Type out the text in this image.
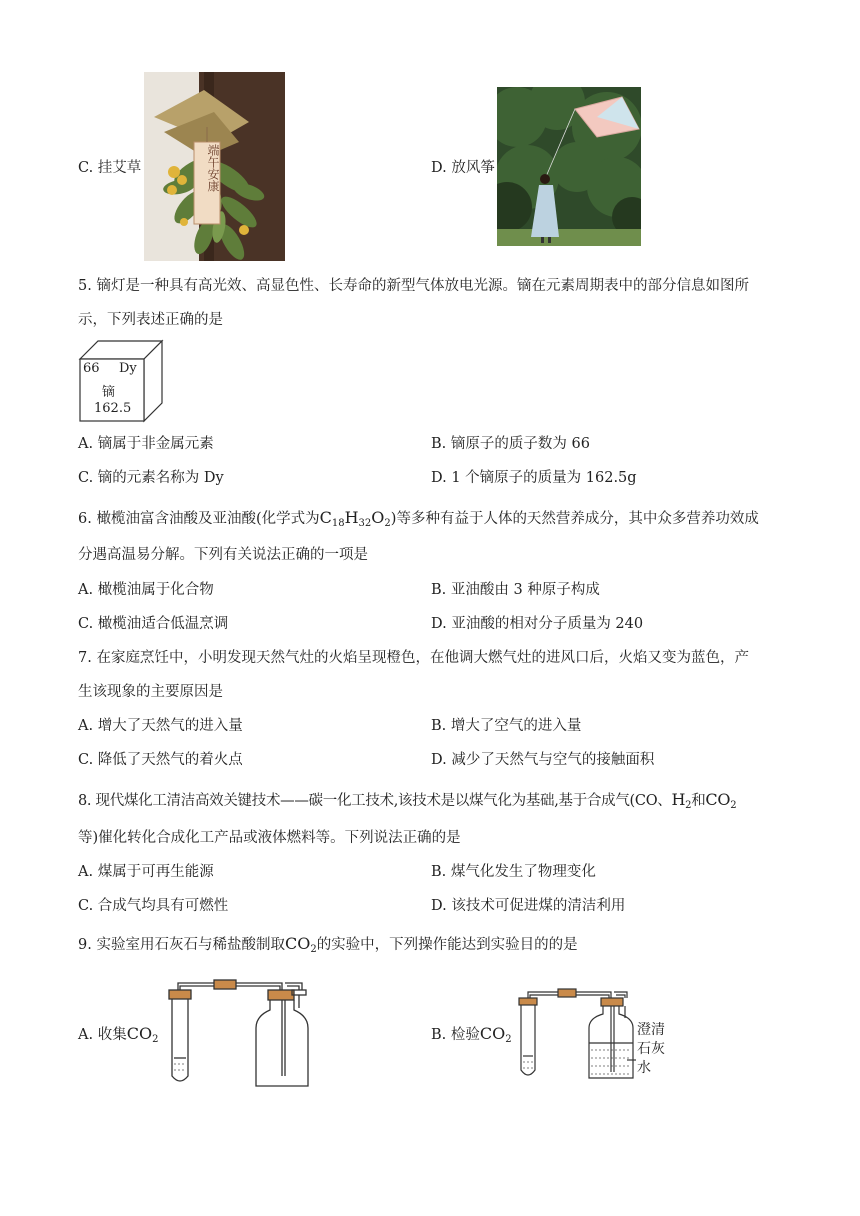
C. 挂艾草	端午安康	D. 放风筝
5. 镝灯是一种具有高光效、高显色性、长寿命的新型气体放电光源。镝在元素周期表中的部分信息如图所
示，下列表述正确的是
66 Dy
镝
162.5
A. 镝属于非金属元素	B. 镝原子的质子数为 66
C. 镝的元素名称为 Dy	D. 1 个镝原子的质量为 162.5g
6. 橄榄油富含油酸及亚油酸(化学式为$C_{18}H_{32}O_2$)等多种有益于人体的天然营养成分，其中众多营养功效成
分遇高温易分解。下列有关说法正确的一项是
A. 橄榄油属于化合物	B. 亚油酸由 3 种原子构成
C. 橄榄油适合低温烹调	D. 亚油酸的相对分子质量为 240
7. 在家庭烹饪中，小明发现天然气灶的火焰呈现橙色，在他调大燃气灶的进风口后，火焰又变为蓝色，产
生该现象的主要原因是
A. 增大了天然气的进入量	B. 增大了空气的进入量
C. 降低了天然气的着火点	D. 减少了天然气与空气的接触面积
8. 现代煤化工清洁高效关键技术——碳一化工技术,该技术是以煤气化为基础,基于合成气(CO、$H_2$和$CO_2$
等)催化转化合成化工产品或液体燃料等。下列说法正确的是
A. 煤属于可再生能源	B. 煤气化发生了物理变化
C. 合成气均具有可燃性	D. 该技术可促进煤的清洁利用
9. 实验室用石灰石与稀盐酸制取$CO_2$的实验中，下列操作能达到实验目的的是
A. 收集$CO_2$	B. 检验$CO_2$
澄清
石灰
水
